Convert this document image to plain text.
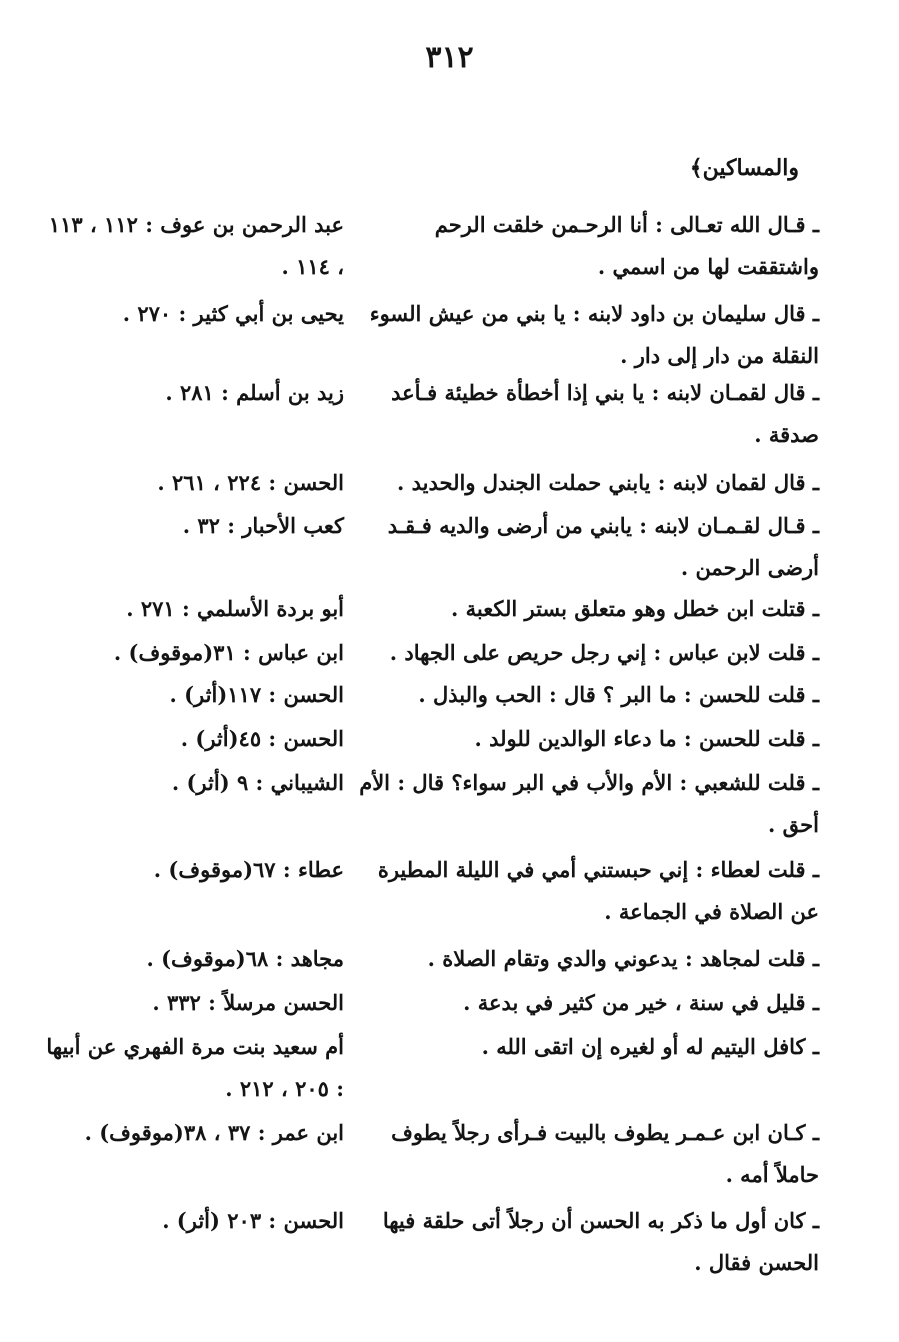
٣١٢
والمساكين﴾
ـ قـال الله تعـالى : أنا الرحـمن خلقت الرحم واشتققت لها من اسمي .
عبد الرحمن بن عوف : ١١٢ ، ١١٣ ، ١١٤ .
ـ قال سليمان بن داود لابنه : يا بني من عيش السوء النقلة من دار إلى دار .
يحيى بن أبي كثير : ٢٧٠ .
ـ قال لقمـان لابنه : يا بني إذا أخطأة خطيئة فـأعد صدقة .
زيد بن أسلم : ٢٨١ .
ـ قال لقمان لابنه : يابني حملت الجندل والحديد .
الحسن : ٢٢٤ ، ٢٦١ .
ـ قـال لقـمـان لابنه : يابني من أرضى والديه فـقـد أرضى الرحمن .
كعب الأحبار : ٣٢ .
ـ قتلت ابن خطل وهو متعلق بستر الكعبة .
أبو بردة الأسلمي : ٢٧١ .
ـ قلت لابن عباس : إني رجل حريص على الجهاد .
ابن عباس : ٣١(موقوف) .
ـ قلت للحسن : ما البر ؟ قال : الحب والبذل .
الحسن : ١١٧(أثر) .
ـ قلت للحسن : ما دعاء الوالدين للولد .
الحسن : ٤٥(أثر) .
ـ قلت للشعبي : الأم والأب في البر سواء؟ قال : الأم أحق .
الشيباني : ٩ (أثر) .
ـ قلت لعطاء : إني حبستني أمي في الليلة المطيرة عن الصلاة في الجماعة .
عطاء : ٦٧(موقوف) .
ـ قلت لمجاهد : يدعوني والدي وتقام الصلاة .
مجاهد : ٦٨(موقوف) .
ـ قليل في سنة ، خير من كثير في بدعة .
الحسن مرسلاً : ٣٣٢ .
ـ كافل اليتيم له أو لغيره إن اتقى الله .
أم سعيد بنت مرة الفهري عن أبيها : ٢٠٥ ، ٢١٢ .
ـ كـان ابن عـمـر يطوف بالبيت فـرأى رجلاً يطوف حاملاً أمه .
ابن عمر : ٣٧ ، ٣٨(موقوف) .
ـ كان أول ما ذكر به الحسن أن رجلاً أتى حلقة فيها الحسن فقال .
الحسن : ٢٠٣ (أثر) .
